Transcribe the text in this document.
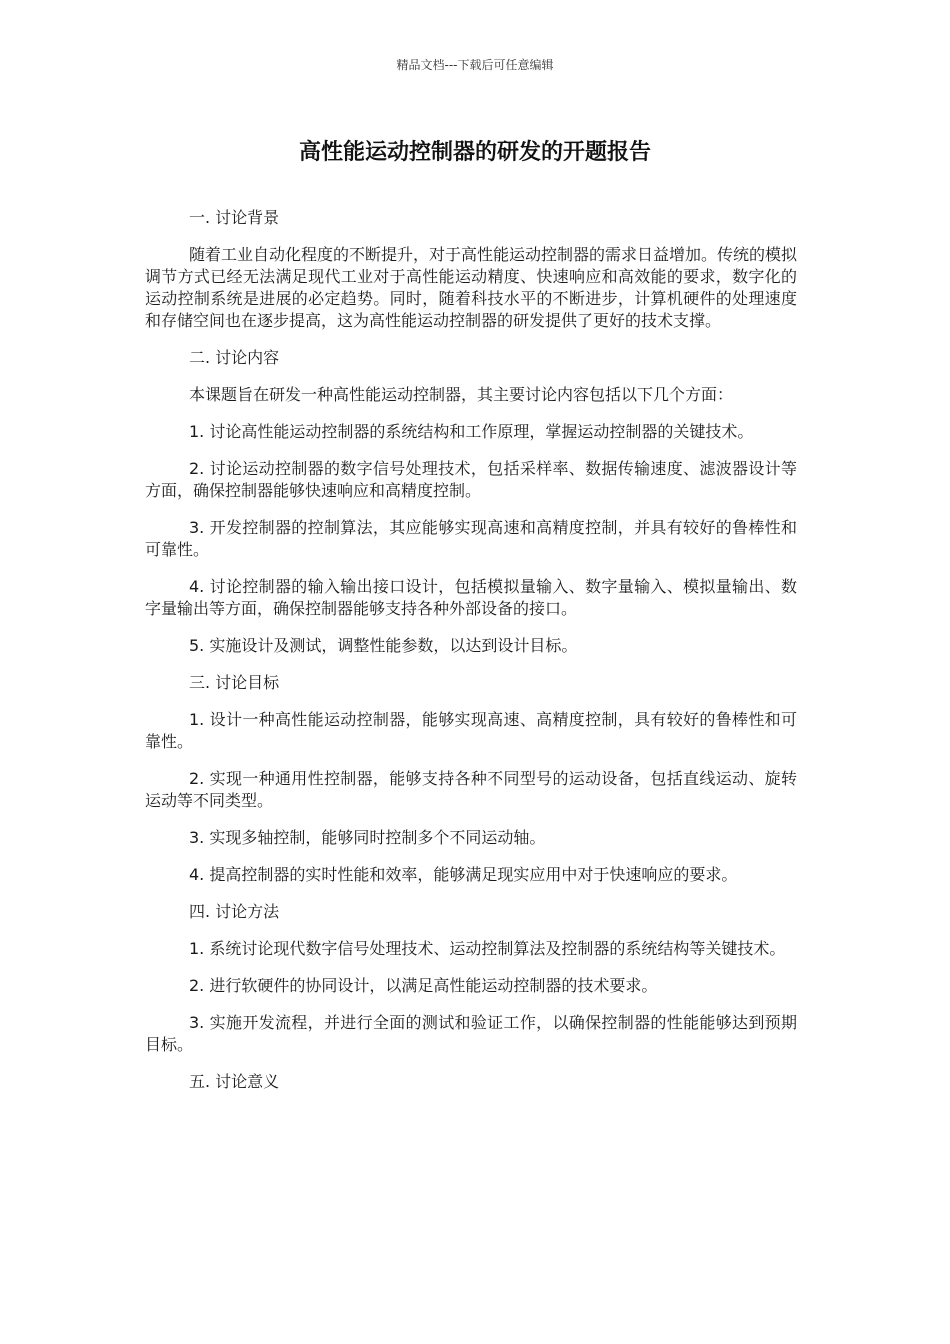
精品文档---下载后可任意编辑
高性能运动控制器的研发的开题报告

一. 讨论背景

随着工业自动化程度的不断提升，对于高性能运动控制器的需求日益增加。传统的模拟调节方式已经无法满足现代工业对于高性能运动精度、快速响应和高效能的要求，数字化的运动控制系统是进展的必定趋势。同时，随着科技水平的不断进步，计算机硬件的处理速度和存储空间也在逐步提高，这为高性能运动控制器的研发提供了更好的技术支撑。

二. 讨论内容

本课题旨在研发一种高性能运动控制器，其主要讨论内容包括以下几个方面：

1. 讨论高性能运动控制器的系统结构和工作原理，掌握运动控制器的关键技术。

2. 讨论运动控制器的数字信号处理技术，包括采样率、数据传输速度、滤波器设计等方面，确保控制器能够快速响应和高精度控制。

3. 开发控制器的控制算法，其应能够实现高速和高精度控制，并具有较好的鲁棒性和可靠性。

4. 讨论控制器的输入输出接口设计，包括模拟量输入、数字量输入、模拟量输出、数字量输出等方面，确保控制器能够支持各种外部设备的接口。

5. 实施设计及测试，调整性能参数，以达到设计目标。

三. 讨论目标

1. 设计一种高性能运动控制器，能够实现高速、高精度控制，具有较好的鲁棒性和可靠性。

2. 实现一种通用性控制器，能够支持各种不同型号的运动设备，包括直线运动、旋转运动等不同类型。

3. 实现多轴控制，能够同时控制多个不同运动轴。

4. 提高控制器的实时性能和效率，能够满足现实应用中对于快速响应的要求。

四. 讨论方法

1. 系统讨论现代数字信号处理技术、运动控制算法及控制器的系统结构等关键技术。

2. 进行软硬件的协同设计，以满足高性能运动控制器的技术要求。

3. 实施开发流程，并进行全面的测试和验证工作，以确保控制器的性能能够达到预期目标。

五. 讨论意义
